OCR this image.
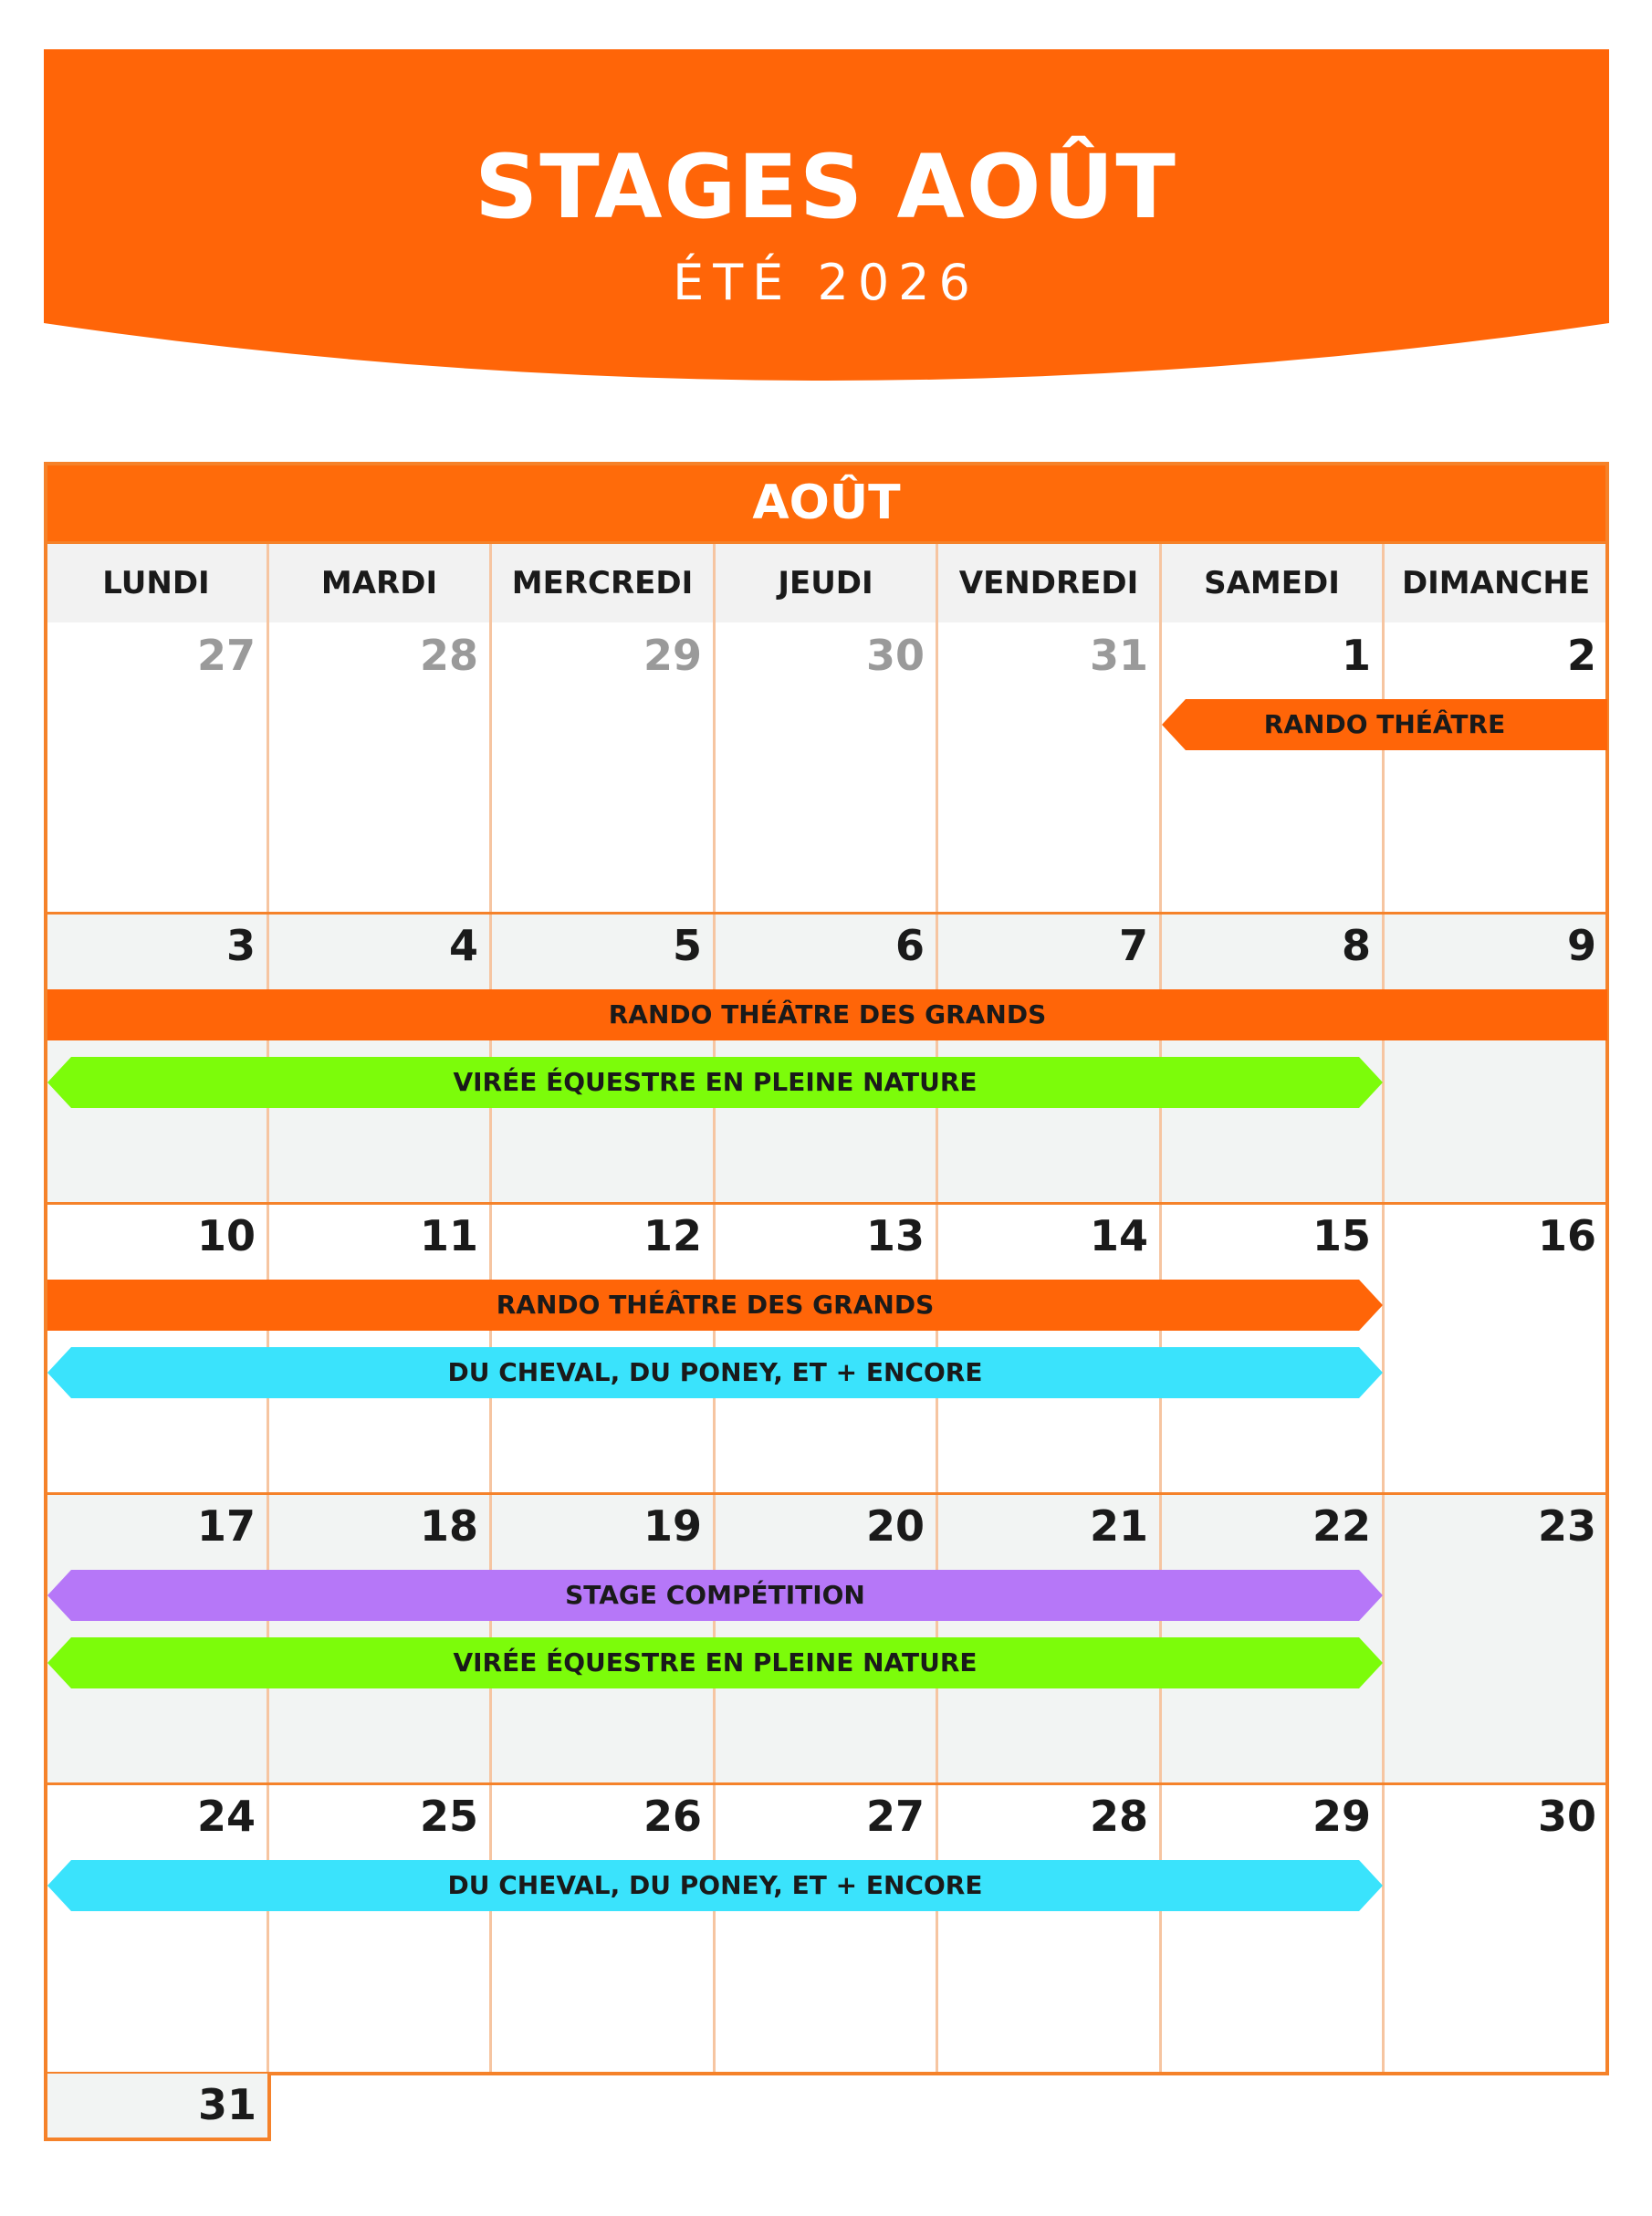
STAGES AOÛT
ÉTÉ 2026
AOÛT
LUNDI	MARDI	MERCREDI	JEUDI	VENDREDI	SAMEDI	DIMANCHE
27	28	29	30	31	1	2
3	4	5	6	7	8	9
10	11	12	13	14	15	16
17	18	19	20	21	22	23
24	25	26	27	28	29	30
31
RANDO THÉÂTRE
RANDO THÉÂTRE DES GRANDS
VIRÉE ÉQUESTRE EN PLEINE NATURE
RANDO THÉÂTRE DES GRANDS
DU CHEVAL, DU PONEY, ET + ENCORE
STAGE COMPÉTITION
VIRÉE ÉQUESTRE EN PLEINE NATURE
DU CHEVAL, DU PONEY, ET + ENCORE
